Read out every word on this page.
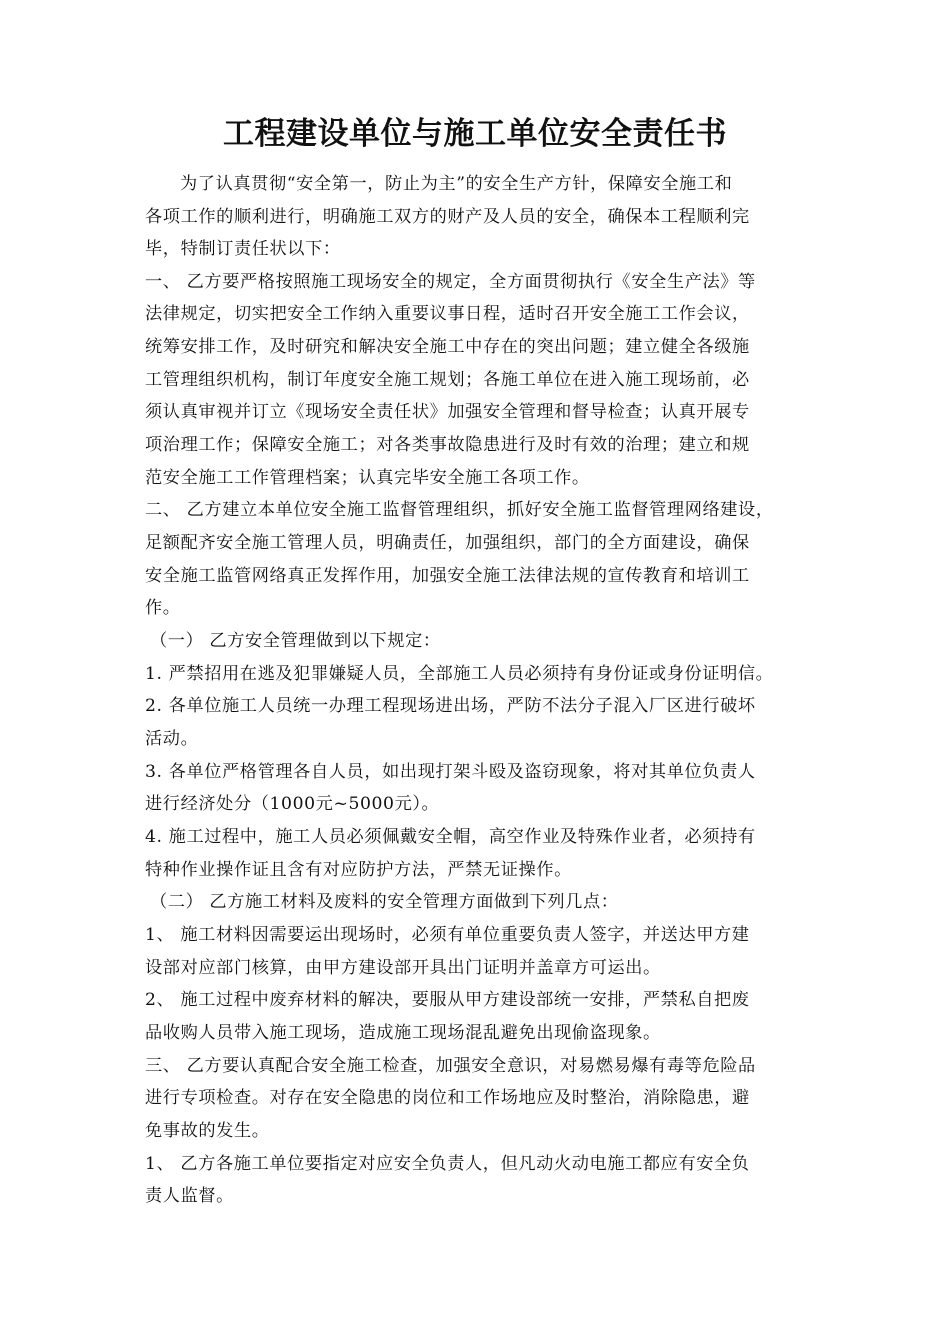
工程建设单位与施工单位安全责任书
为了认真贯彻“安全第一，防止为主”的安全生产方针，保障安全施工和
各项工作的顺利进行，明确施工双方的财产及人员的安全，确保本工程顺利完
毕，特制订责任状以下：
一、 乙方要严格按照施工现场安全的规定，全方面贯彻执行《安全生产法》等
法律规定，切实把安全工作纳入重要议事日程，适时召开安全施工工作会议，
统筹安排工作，及时研究和解决安全施工中存在的突出问题；建立健全各级施
工管理组织机构，制订年度安全施工规划；各施工单位在进入施工现场前，必
须认真审视并订立《现场安全责任状》加强安全管理和督导检查；认真开展专
项治理工作；保障安全施工；对各类事故隐患进行及时有效的治理；建立和规
范安全施工工作管理档案；认真完毕安全施工各项工作。
二、 乙方建立本单位安全施工监督管理组织，抓好安全施工监督管理网络建设，
足额配齐安全施工管理人员，明确责任，加强组织，部门的全方面建设，确保
安全施工监管网络真正发挥作用，加强安全施工法律法规的宣传教育和培训工
作。
（一） 乙方安全管理做到以下规定：
1. 严禁招用在逃及犯罪嫌疑人员，全部施工人员必须持有身份证或身份证明信。
2. 各单位施工人员统一办理工程现场进出场，严防不法分子混入厂区进行破坏
活动。
3. 各单位严格管理各自人员，如出现打架斗殴及盗窃现象，将对其单位负责人
进行经济处分（1000元~5000元）。
4. 施工过程中，施工人员必须佩戴安全帽，高空作业及特殊作业者，必须持有
特种作业操作证且含有对应防护方法，严禁无证操作。
（二） 乙方施工材料及废料的安全管理方面做到下列几点：
1、 施工材料因需要运出现场时，必须有单位重要负责人签字，并送达甲方建
设部对应部门核算，由甲方建设部开具出门证明并盖章方可运出。
2、 施工过程中废弃材料的解决，要服从甲方建设部统一安排，严禁私自把废
品收购人员带入施工现场，造成施工现场混乱避免出现偷盗现象。
三、 乙方要认真配合安全施工检查，加强安全意识，对易燃易爆有毒等危险品
进行专项检查。对存在安全隐患的岗位和工作场地应及时整治，消除隐患，避
免事故的发生。
1、 乙方各施工单位要指定对应安全负责人，但凡动火动电施工都应有安全负
责人监督。
